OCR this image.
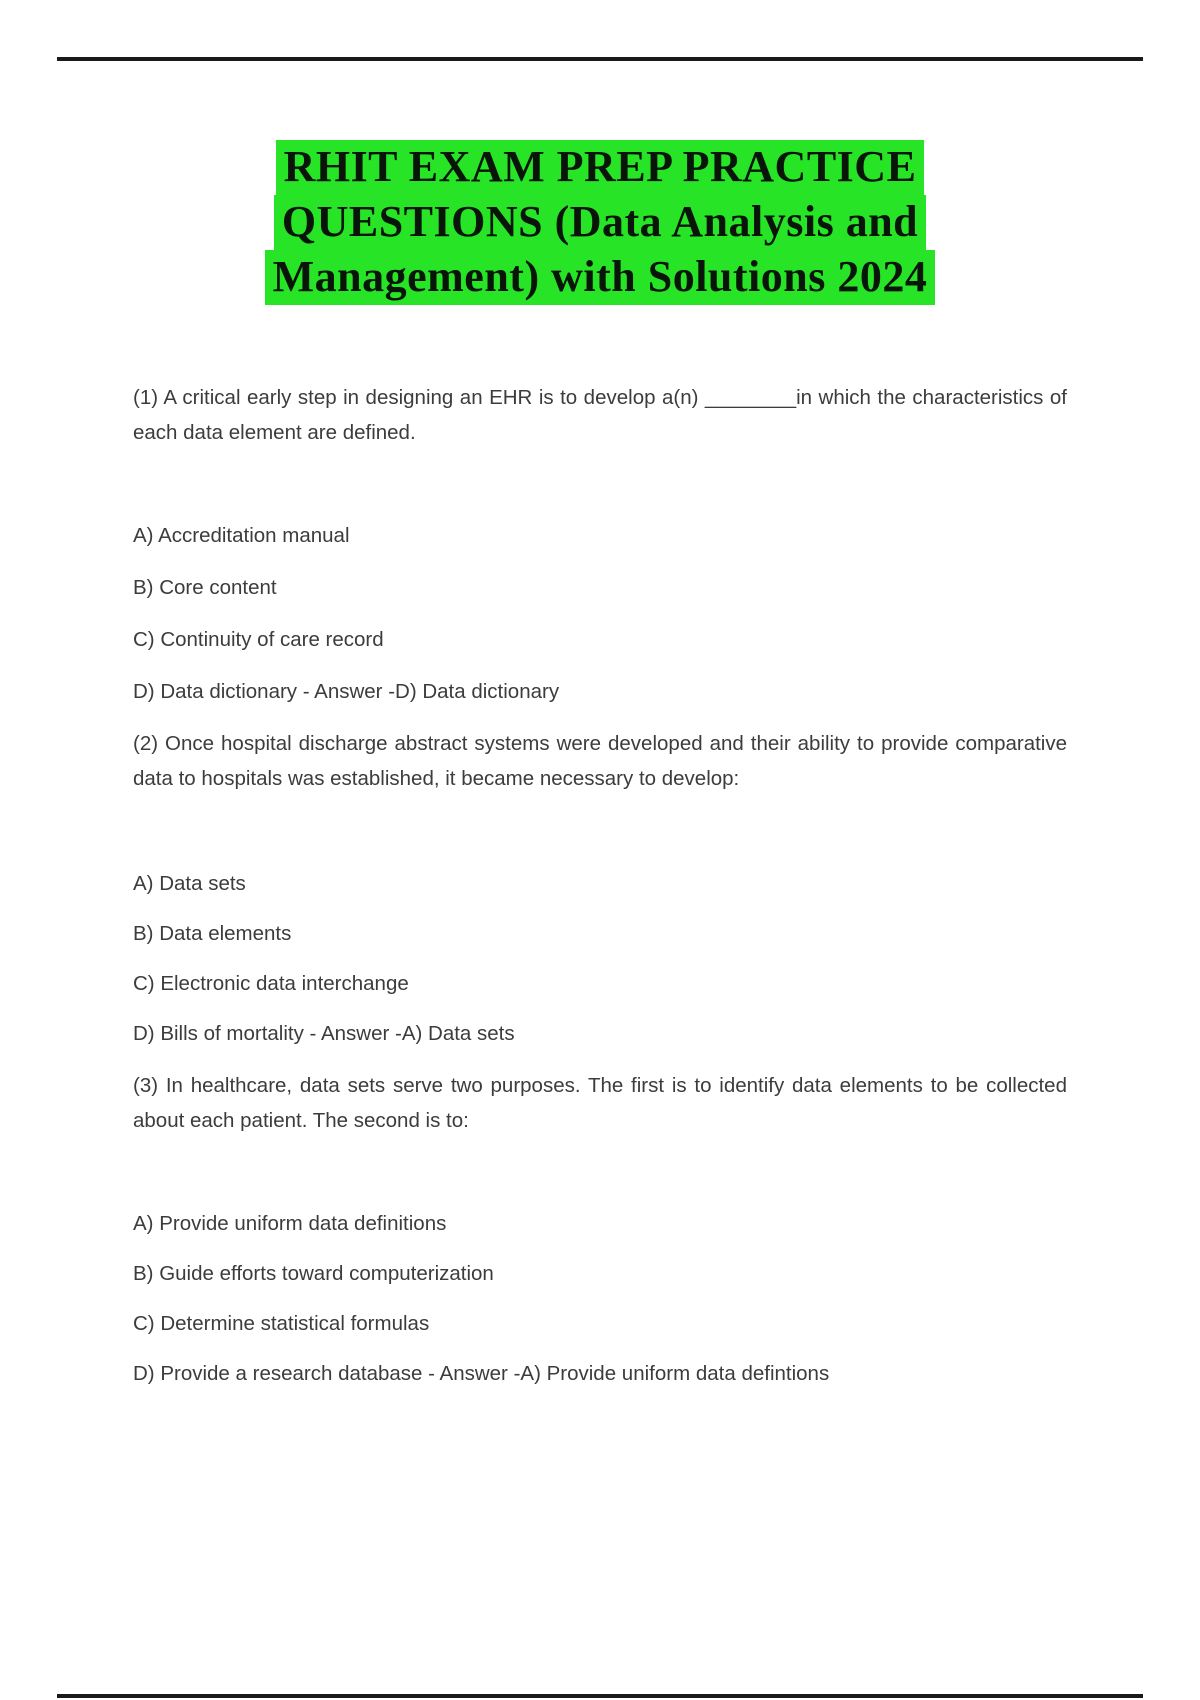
RHIT EXAM PREP PRACTICE
QUESTIONS (Data Analysis and
Management) with Solutions 2024

(1) A critical early step in designing an EHR is to develop a(n) ________in which the characteristics of each data element are defined.

A) Accreditation manual
B) Core content
C) Continuity of care record
D) Data dictionary - Answer -D) Data dictionary

(2) Once hospital discharge abstract systems were developed and their ability to provide comparative data to hospitals was established, it became necessary to develop:

A) Data sets
B) Data elements
C) Electronic data interchange
D) Bills of mortality - Answer -A) Data sets

(3) In healthcare, data sets serve two purposes. The first is to identify data elements to be collected about each patient. The second is to:

A) Provide uniform data definitions
B) Guide efforts toward computerization
C) Determine statistical formulas
D) Provide a research database - Answer -A) Provide uniform data defintions
